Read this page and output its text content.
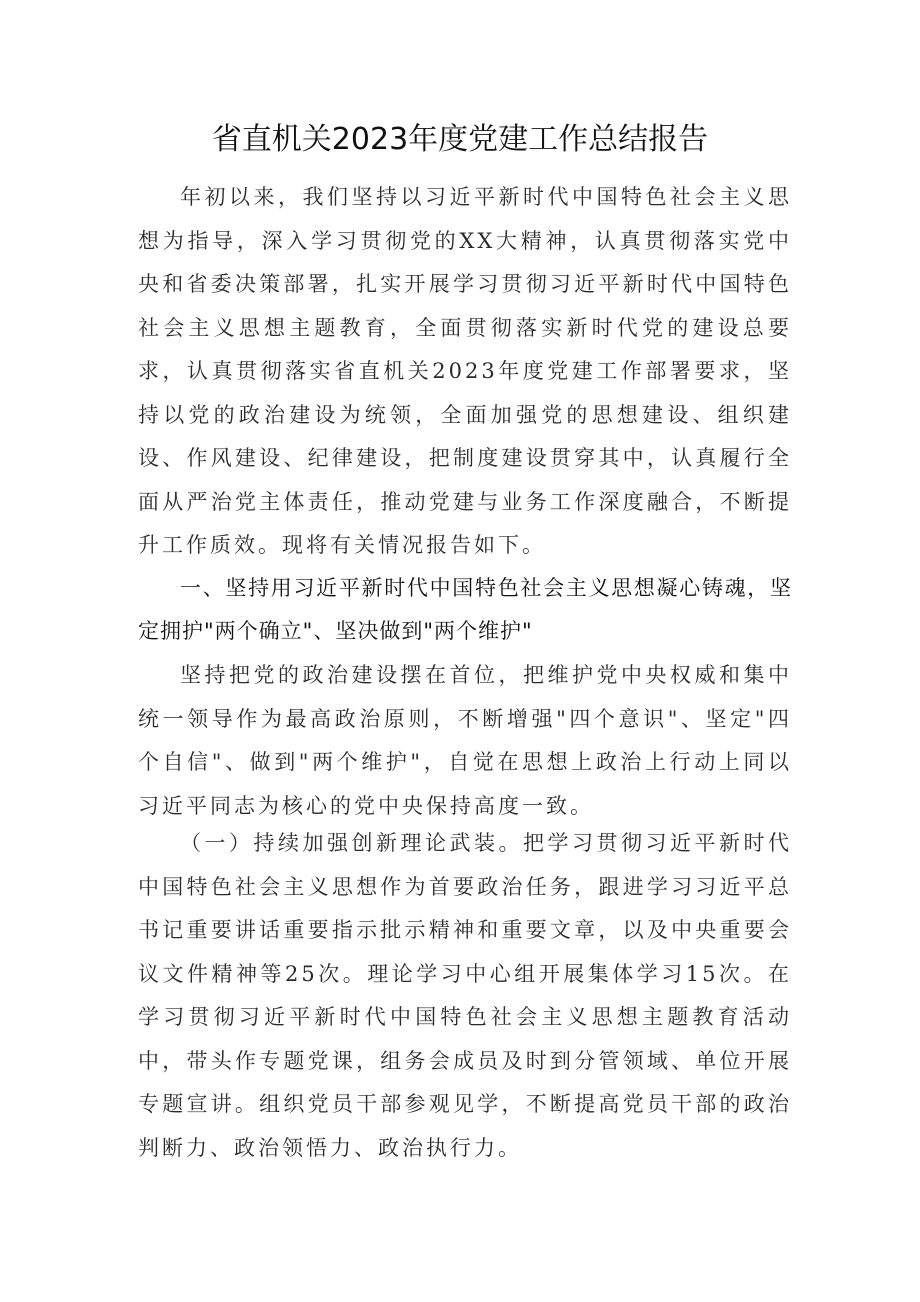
省直机关2023年度党建工作总结报告

年初以来，我们坚持以习近平新时代中国特色社会主义思想为指导，深入学习贯彻党的XX大精神，认真贯彻落实党中央和省委决策部署，扎实开展学习贯彻习近平新时代中国特色社会主义思想主题教育，全面贯彻落实新时代党的建设总要求，认真贯彻落实省直机关2023年度党建工作部署要求，坚持以党的政治建设为统领，全面加强党的思想建设、组织建设、作风建设、纪律建设，把制度建设贯穿其中，认真履行全面从严治党主体责任，推动党建与业务工作深度融合，不断提升工作质效。现将有关情况报告如下。

一、坚持用习近平新时代中国特色社会主义思想凝心铸魂，坚定拥护"两个确立"、坚决做到"两个维护"

坚持把党的政治建设摆在首位，把维护党中央权威和集中统一领导作为最高政治原则，不断增强"四个意识"、坚定"四个自信"、做到"两个维护"，自觉在思想上政治上行动上同以习近平同志为核心的党中央保持高度一致。

（一）持续加强创新理论武装。把学习贯彻习近平新时代中国特色社会主义思想作为首要政治任务，跟进学习习近平总书记重要讲话重要指示批示精神和重要文章，以及中央重要会议文件精神等25次。理论学习中心组开展集体学习15次。在学习贯彻习近平新时代中国特色社会主义思想主题教育活动中，带头作专题党课，组务会成员及时到分管领域、单位开展专题宣讲。组织党员干部参观见学，不断提高党员干部的政治判断力、政治领悟力、政治执行力。
